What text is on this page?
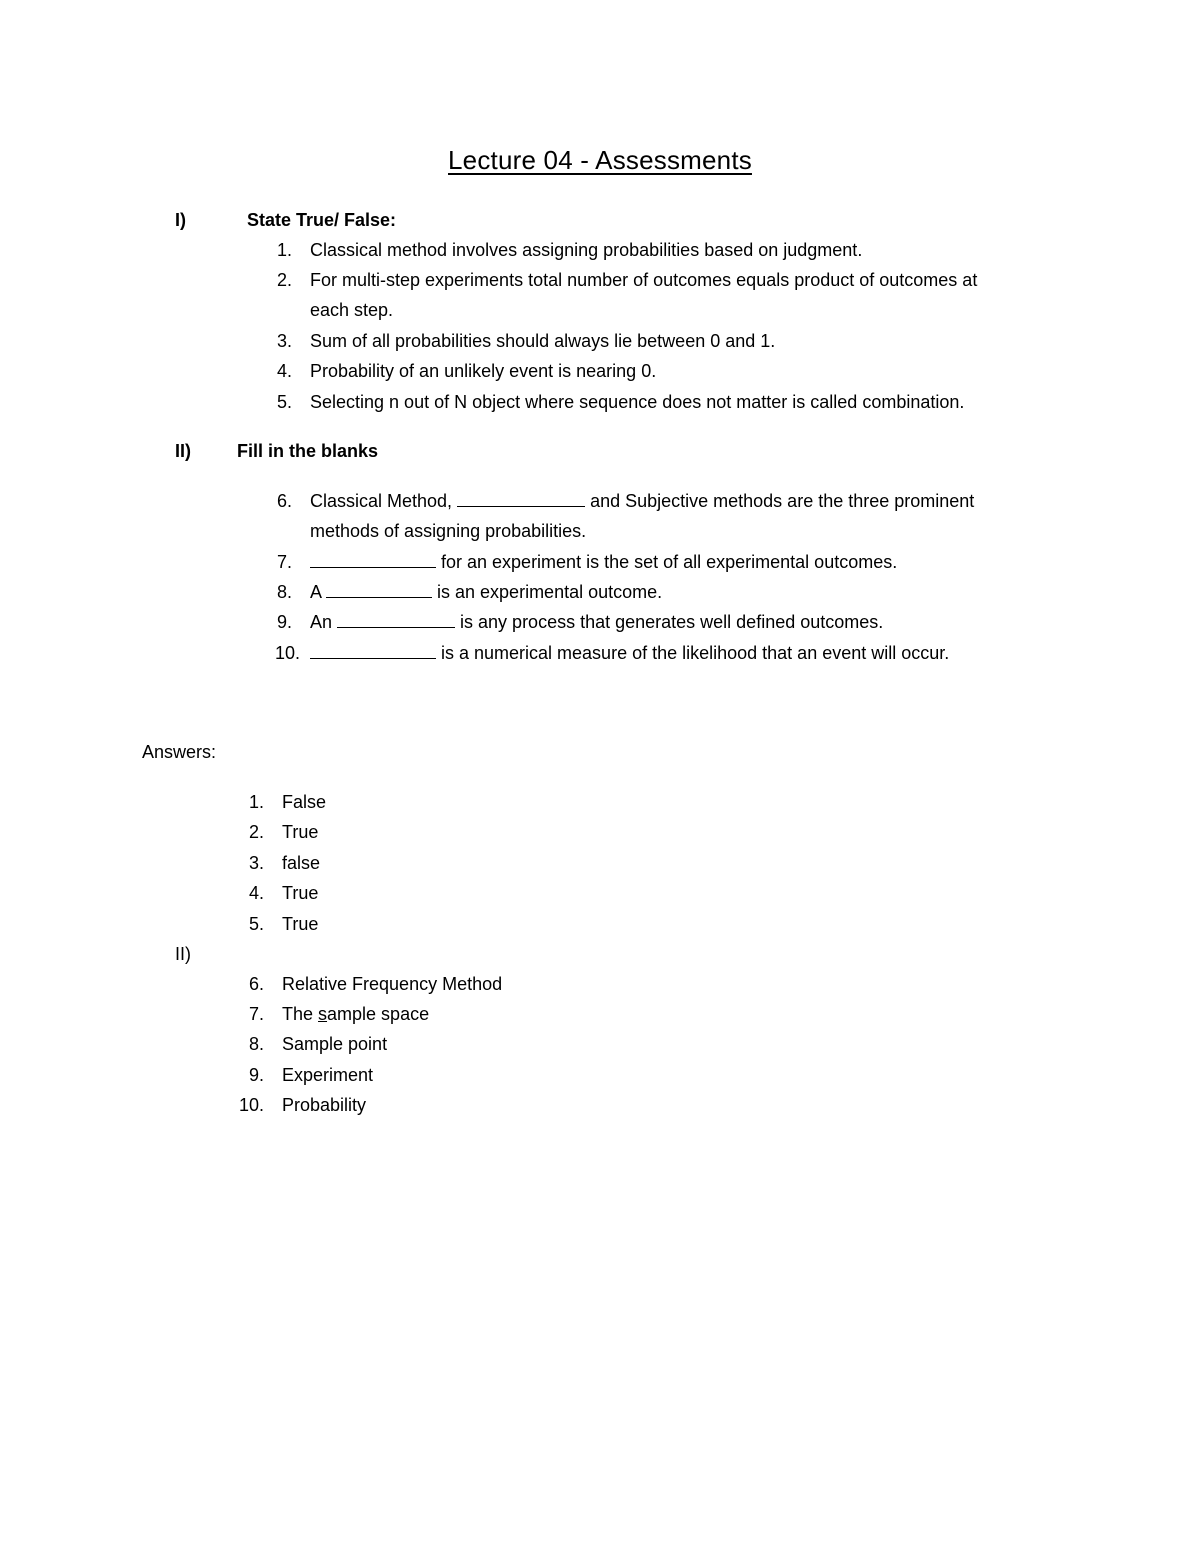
Lecture 04 - Assessments
I)	State True/ False:
1. Classical method involves assigning probabilities based on judgment.
2. For multi-step experiments total number of outcomes equals product of outcomes at
each step.
3. Sum of all probabilities should always lie between 0 and 1.
4. Probability of an unlikely event is nearing 0.
5. Selecting n out of N object where sequence does not matter is called combination.
II)	Fill in the blanks
6. Classical Method,	and Subjective methods are the three prominent
methods of assigning probabilities.
7.	for an experiment is the set of all experimental outcomes.
8. A	is an experimental outcome.
9. An	is any process that generates well defined outcomes.
10.	is a numerical measure of the likelihood that an event will occur.
Answers:
1. False
2. True
3. false
4. True
5. True
II)
6. Relative Frequency Method
7. The sample space
8. Sample point
9. Experiment
10. Probability
